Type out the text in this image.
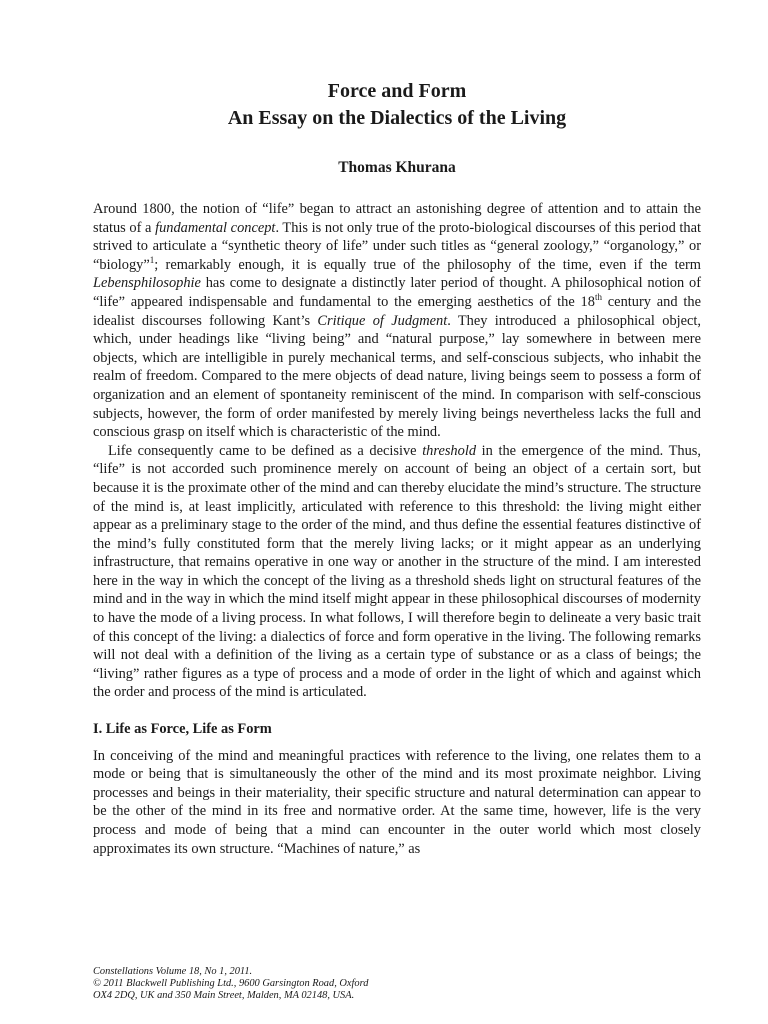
Force and Form
An Essay on the Dialectics of the Living
Thomas Khurana

Around 1800, the notion of “life” began to attract an astonishing degree of attention and to attain the status of a fundamental concept. This is not only true of the proto-biological discourses of this period that strived to articulate a “synthetic theory of life” under such titles as “general zoology,” “organology,” or “biology”$^1$; remarkably enough, it is equally true of the philosophy of the time, even if the term Lebensphilosophie has come to designate a distinctly later period of thought. A philosophical notion of “life” appeared indispensable and fundamental to the emerging aesthetics of the 18th century and the idealist discourses following Kant’s Critique of Judgment. They introduced a philosophical object, which, under headings like “living being” and “natural purpose,” lay somewhere in between mere objects, which are intelligible in purely mechanical terms, and self-conscious subjects, who inhabit the realm of freedom. Compared to the mere objects of dead nature, living beings seem to possess a form of organization and an element of spontaneity reminiscent of the mind. In comparison with self-conscious subjects, however, the form of order manifested by merely living beings nevertheless lacks the full and conscious grasp on itself which is characteristic of the mind.

Life consequently came to be defined as a decisive threshold in the emergence of the mind. Thus, “life” is not accorded such prominence merely on account of being an object of a certain sort, but because it is the proximate other of the mind and can thereby elucidate the mind’s structure. The structure of the mind is, at least implicitly, articulated with reference to this threshold: the living might either appear as a preliminary stage to the order of the mind, and thus define the essential features distinctive of the mind’s fully constituted form that the merely living lacks; or it might appear as an underlying infrastructure, that remains operative in one way or another in the structure of the mind. I am interested here in the way in which the concept of the living as a threshold sheds light on structural features of the mind and in the way in which the mind itself might appear in these philosophical discourses of modernity to have the mode of a living process. In what follows, I will therefore begin to delineate a very basic trait of this concept of the living: a dialectics of force and form operative in the living. The following remarks will not deal with a definition of the living as a certain type of substance or as a class of beings; the “living” rather figures as a type of process and a mode of order in the light of which and against which the order and process of the mind is articulated.

I. Life as Force, Life as Form

In conceiving of the mind and meaningful practices with reference to the living, one relates them to a mode or being that is simultaneously the other of the mind and its most proximate neighbor. Living processes and beings in their materiality, their specific structure and natural determination can appear to be the other of the mind in its free and normative order. At the same time, however, life is the very process and mode of being that a mind can encounter in the outer world which most closely approximates its own structure. “Machines of nature,” as

Constellations Volume 18, No 1, 2011.
© 2011 Blackwell Publishing Ltd., 9600 Garsington Road, Oxford
OX4 2DQ, UK and 350 Main Street, Malden, MA 02148, USA.
